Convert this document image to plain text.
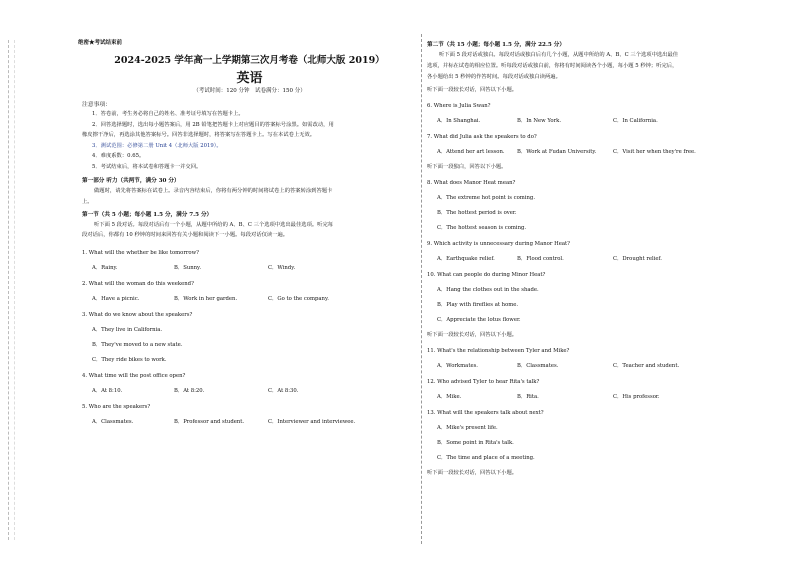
绝密★考试结束前
2024-2025 学年高一上学期第三次月考卷（北师大版 2019）
英语
（考试时间：120 分钟　试卷满分：150 分）
注意事项：

1．答卷前，考生务必将自己的姓名、准考证号填写在答题卡上。

2．回答选择题时，选出每小题答案后，用 2B 铅笔把答题卡上对应题目的答案标号涂黑。如需改动，用

橡皮擦干净后，再选涂其他答案标号。回答非选择题时，将答案写在答题卡上。写在本试卷上无效。

3．测试范围：必修第二册 Unit 4（北师大版 2019）。

4．难度系数：0.65。

5．考试结束后，将本试卷和答题卡一并交回。

第一部分 听力（共两节，满分 30 分）

做题时，请先将答案标在试卷上。录音内容结束后，你将有两分钟的时间将试卷上的答案转涂到答题卡

上。

第一节（共 5 小题；每小题 1.5 分，满分 7.5 分）

听下面 5 段对话。每段对话后有一个小题，从题中所给的 A、B、C 三个选项中选出最佳选项。听完每

段对话后，你都有 10 秒钟的时间来回答有关小题和阅读下一小题。每段对话仅读一遍。

1. What will the whether be like tomorrow?
A．Rainy.	B．Sunny.	C．Windy.
2. What will the woman do this weekend?
A．Have a picnic.	B．Work in her garden.	C．Go to the company.
3. What do we know about the speakers?
A．They live in California.
B．They've moved to a new state.
C．They ride bikes to work.
4. What time will the post office open?
A．At 8:10.	B．At 8:20.	C．At 8:30.
5. Who are the speakers?
A．Classmates.	B．Professor and student.	C．Interviewer and interviewee.
第二节（共 15 小题；每小题 1.5 分，满分 22.5 分）

听下面 5 段对话或独白。每段对话或独白后有几个小题，从题中所给的 A、B、C 三个选项中选出最佳

选项，并标在试卷的相应位置。听每段对话或独白前，你将有时间阅读各个小题，每小题 5 秒钟；听完后，

各小题给出 5 秒钟的作答时间。每段对话或独白读两遍。

听下面一段较长对话，回答以下小题。
6. Where is Julia Swan?
A．In Shanghai.	B．In New York.	C．In California.
7. What did Julia ask the speakers to do?
A．Attend her art lesson.	B．Work at Fudan University.	C．Visit her when they're free.
听下面一段独白，回答以下小题。
8. What does Manor Heat mean?
A．The extreme hot point is coming.
B．The hottest period is over.
C．The hottest season is coming.
9. Which activity is unnecessary during Manor Heat?
A．Earthquake relief.	B．Flood control.	C．Drought relief.
10. What can people do during Minor Heat?
A．Hang the clothes out in the shade.
B．Play with fireflies at home.
C．Appreciate the lotus flower.
听下面一段较长对话，回答以下小题。
11. What's the relationship between Tyler and Mike?
A．Workmates.	B．Classmates.	C．Teacher and student.
12. Who advised Tyler to hear Rita's talk?
A．Mike.	B．Rita.	C．His professor.
13. What will the speakers talk about next?
A．Mike's present life.
B．Some point in Rita's talk.
C．The time and place of a meeting.
听下面一段较长对话，回答以下小题。
